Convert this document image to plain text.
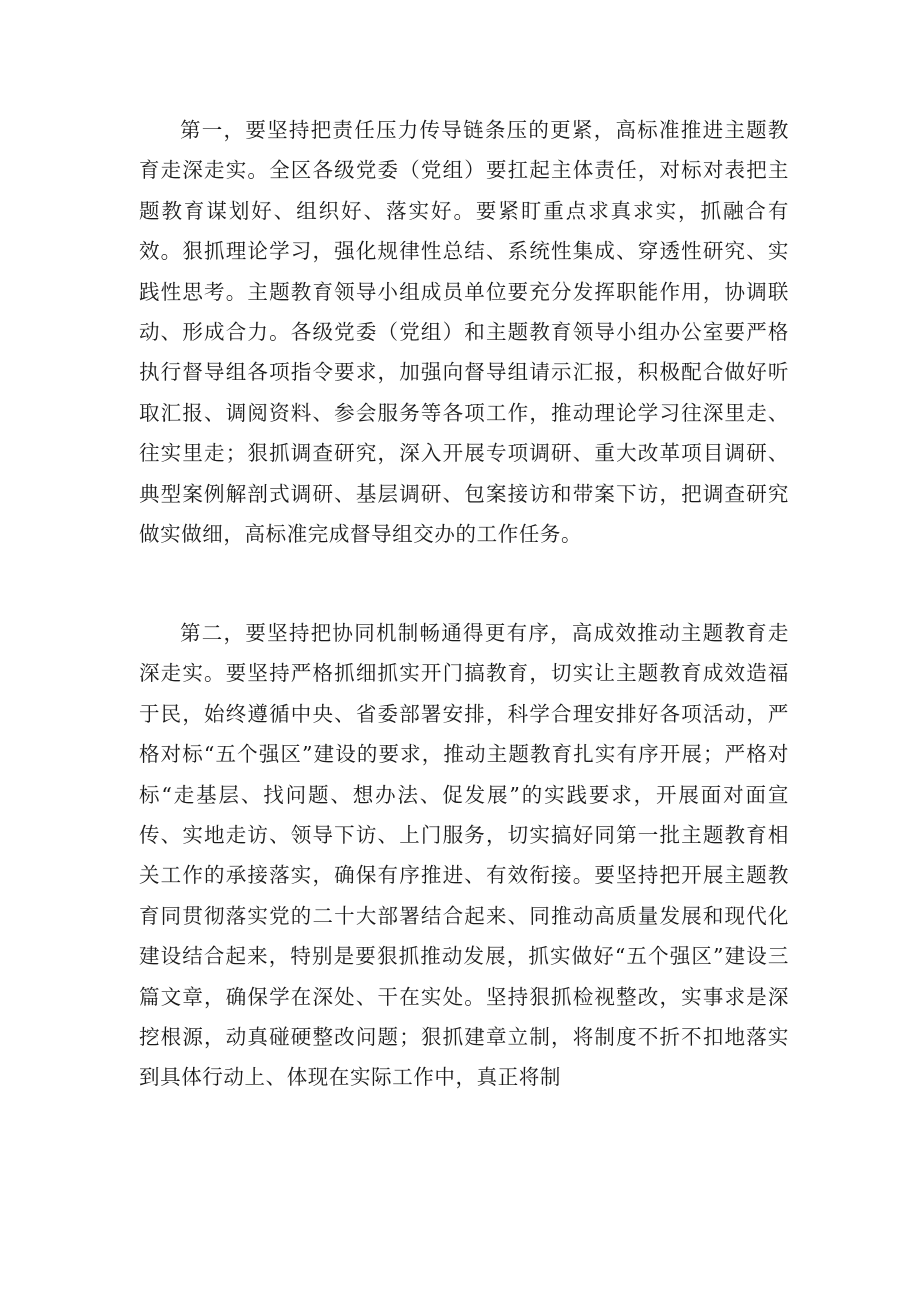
第一，要坚持把责任压力传导链条压的更紧，高标准推进主题教育走深走实。全区各级党委（党组）要扛起主体责任，对标对表把主题教育谋划好、组织好、落实好。要紧盯重点求真求实，抓融合有效。狠抓理论学习，强化规律性总结、系统性集成、穿透性研究、实践性思考。主题教育领导小组成员单位要充分发挥职能作用，协调联动、形成合力。各级党委（党组）和主题教育领导小组办公室要严格执行督导组各项指令要求，加强向督导组请示汇报，积极配合做好听取汇报、调阅资料、参会服务等各项工作，推动理论学习往深里走、往实里走；狠抓调查研究，深入开展专项调研、重大改革项目调研、典型案例解剖式调研、基层调研、包案接访和带案下访，把调查研究做实做细，高标准完成督导组交办的工作任务。

第二，要坚持把协同机制畅通得更有序，高成效推动主题教育走深走实。要坚持严格抓细抓实开门搞教育，切实让主题教育成效造福于民，始终遵循中央、省委部署安排，科学合理安排好各项活动，严格对标“五个强区”建设的要求，推动主题教育扎实有序开展；严格对标“走基层、找问题、想办法、促发展”的实践要求，开展面对面宣传、实地走访、领导下访、上门服务，切实搞好同第一批主题教育相关工作的承接落实，确保有序推进、有效衔接。要坚持把开展主题教育同贯彻落实党的二十大部署结合起来、同推动高质量发展和现代化建设结合起来，特别是要狠抓推动发展，抓实做好“五个强区”建设三篇文章，确保学在深处、干在实处。坚持狠抓检视整改，实事求是深挖根源，动真碰硬整改问题；狠抓建章立制，将制度不折不扣地落实到具体行动上、体现在实际工作中，真正将制
